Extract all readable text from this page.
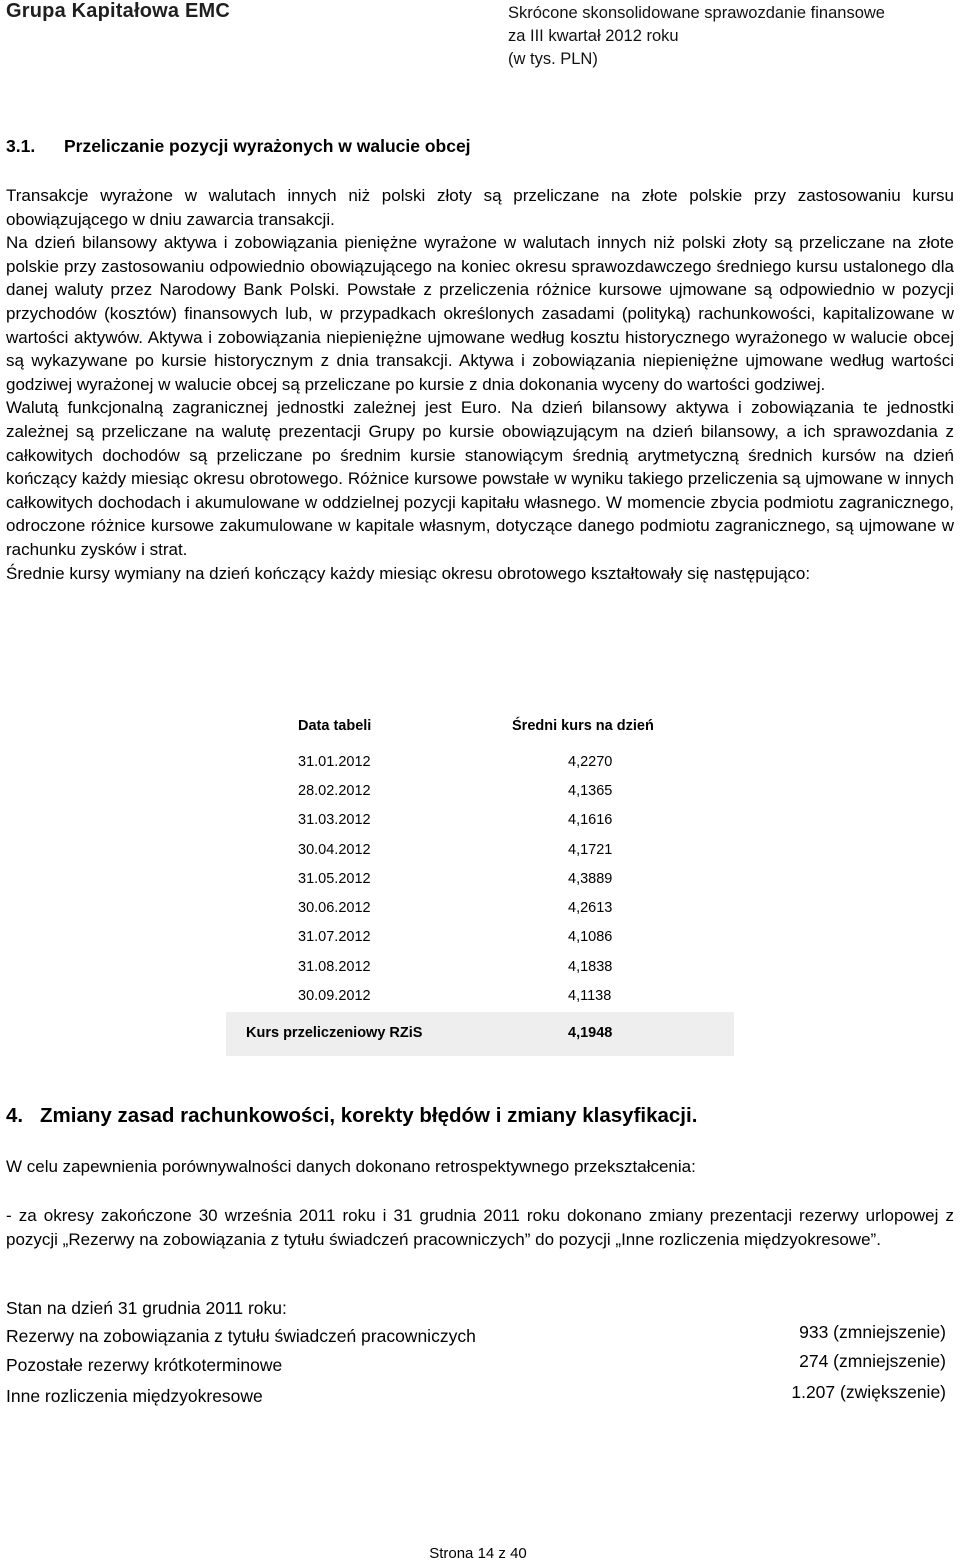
Grupa Kapitałowa EMC	Skrócone skonsolidowane sprawozdanie finansowe
za III kwartał 2012 roku
(w tys. PLN)
3.1. Przeliczanie pozycji wyrażonych w walucie obcej

Transakcje wyrażone w walutach innych niż polski złoty są przeliczane na złote polskie przy zastosowaniu kursu obowiązującego w dniu zawarcia transakcji.

Na dzień bilansowy aktywa i zobowiązania pieniężne wyrażone w walutach innych niż polski złoty są przeliczane na złote polskie przy zastosowaniu odpowiednio obowiązującego na koniec okresu sprawozdawczego średniego kursu ustalonego dla danej waluty przez Narodowy Bank Polski. Powstałe z przeliczenia różnice kursowe ujmowane są odpowiednio w pozycji przychodów (kosztów) finansowych lub, w przypadkach określonych zasadami (polityką) rachunkowości, kapitalizowane w wartości aktywów. Aktywa i zobowiązania niepieniężne ujmowane według kosztu historycznego wyrażonego w walucie obcej są wykazywane po kursie historycznym z dnia transakcji. Aktywa i zobowiązania niepieniężne ujmowane według wartości godziwej wyrażonej w walucie obcej są przeliczane po kursie z dnia dokonania wyceny do wartości godziwej.

Walutą funkcjonalną zagranicznej jednostki zależnej jest Euro. Na dzień bilansowy aktywa i zobowiązania te jednostki zależnej są przeliczane na walutę prezentacji Grupy po kursie obowiązującym na dzień bilansowy, a ich sprawozdania z całkowitych dochodów są przeliczane po średnim kursie stanowiącym średnią arytmetyczną średnich kursów na dzień kończący każdy miesiąc okresu obrotowego. Różnice kursowe powstałe w wyniku takiego przeliczenia są ujmowane w innych całkowitych dochodach i akumulowane w oddzielnej pozycji kapitału własnego. W momencie zbycia podmiotu zagranicznego, odroczone różnice kursowe zakumulowane w kapitale własnym, dotyczące danego podmiotu zagranicznego, są ujmowane w rachunku zysków i strat.

Średnie kursy wymiany na dzień kończący każdy miesiąc okresu obrotowego kształtowały się następująco:

Data tabeli	Średni kurs na dzień
31.01.2012	4,2270
28.02.2012	4,1365
31.03.2012	4,1616
30.04.2012	4,1721
31.05.2012	4,3889
30.06.2012	4,2613
31.07.2012	4,1086
31.08.2012	4,1838
30.09.2012	4,1138
Kurs przeliczeniowy RZiS	4,1948
4. Zmiany zasad rachunkowości, korekty błędów i zmiany klasyfikacji.

W celu zapewnienia porównywalności danych dokonano retrospektywnego przekształcenia:

- za okresy zakończone 30 września 2011 roku i 31 grudnia 2011 roku dokonano zmiany prezentacji rezerwy urlopowej z pozycji „Rezerwy na zobowiązania z tytułu świadczeń pracowniczych” do pozycji „Inne rozliczenia międzyokresowe”.

Stan na dzień 31 grudnia 2011 roku:
Rezerwy na zobowiązania z tytułu świadczeń pracowniczych	933 (zmniejszenie)
Pozostałe rezerwy krótkoterminowe	274 (zmniejszenie)
Inne rozliczenia międzyokresowe	1.207 (zwiększenie)
Strona 14 z 40
